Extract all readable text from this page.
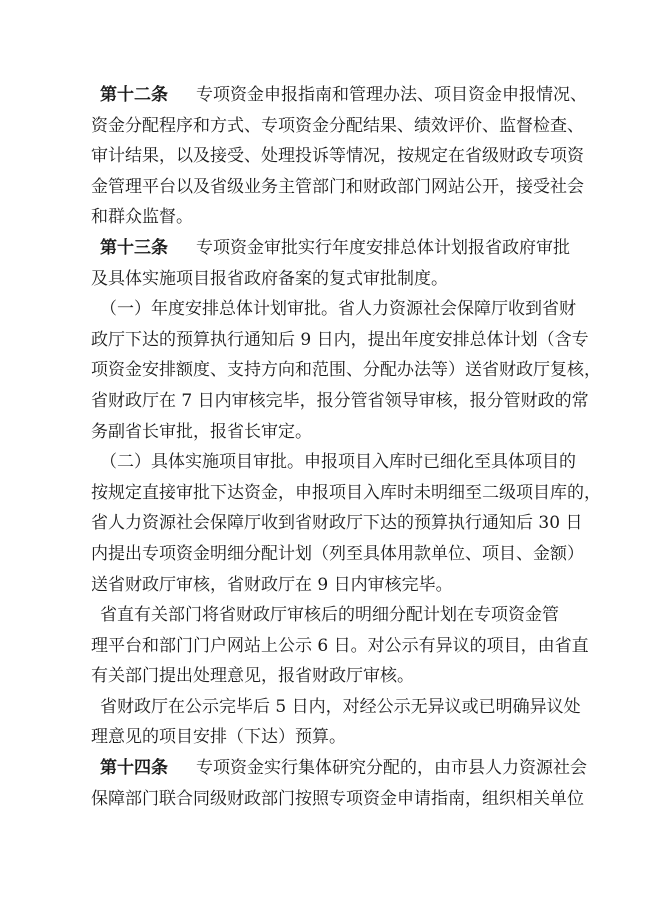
第十二条 专项资金申报指南和管理办法、项目资金申报情况、
资金分配程序和方式、专项资金分配结果、绩效评价、监督检查、
审计结果，以及接受、处理投诉等情况，按规定在省级财政专项资
金管理平台以及省级业务主管部门和财政部门网站公开，接受社会
和群众监督。
第十三条 专项资金审批实行年度安排总体计划报省政府审批
及具体实施项目报省政府备案的复式审批制度。
（一）年度安排总体计划审批。省人力资源社会保障厅收到省财
政厅下达的预算执行通知后 9 日内，提出年度安排总体计划（含专
项资金安排额度、支持方向和范围、分配办法等）送省财政厅复核，
省财政厅在 7 日内审核完毕，报分管省领导审核，报分管财政的常
务副省长审批，报省长审定。
（二）具体实施项目审批。申报项目入库时已细化至具体项目的
按规定直接审批下达资金，申报项目入库时未明细至二级项目库的，
省人力资源社会保障厅收到省财政厅下达的预算执行通知后 30 日
内提出专项资金明细分配计划（列至具体用款单位、项目、金额）
送省财政厅审核，省财政厅在 9 日内审核完毕。
省直有关部门将省财政厅审核后的明细分配计划在专项资金管
理平台和部门门户网站上公示 6 日。对公示有异议的项目，由省直
有关部门提出处理意见，报省财政厅审核。
省财政厅在公示完毕后 5 日内，对经公示无异议或已明确异议处
理意见的项目安排（下达）预算。
第十四条 专项资金实行集体研究分配的，由市县人力资源社会
保障部门联合同级财政部门按照专项资金申请指南，组织相关单位
